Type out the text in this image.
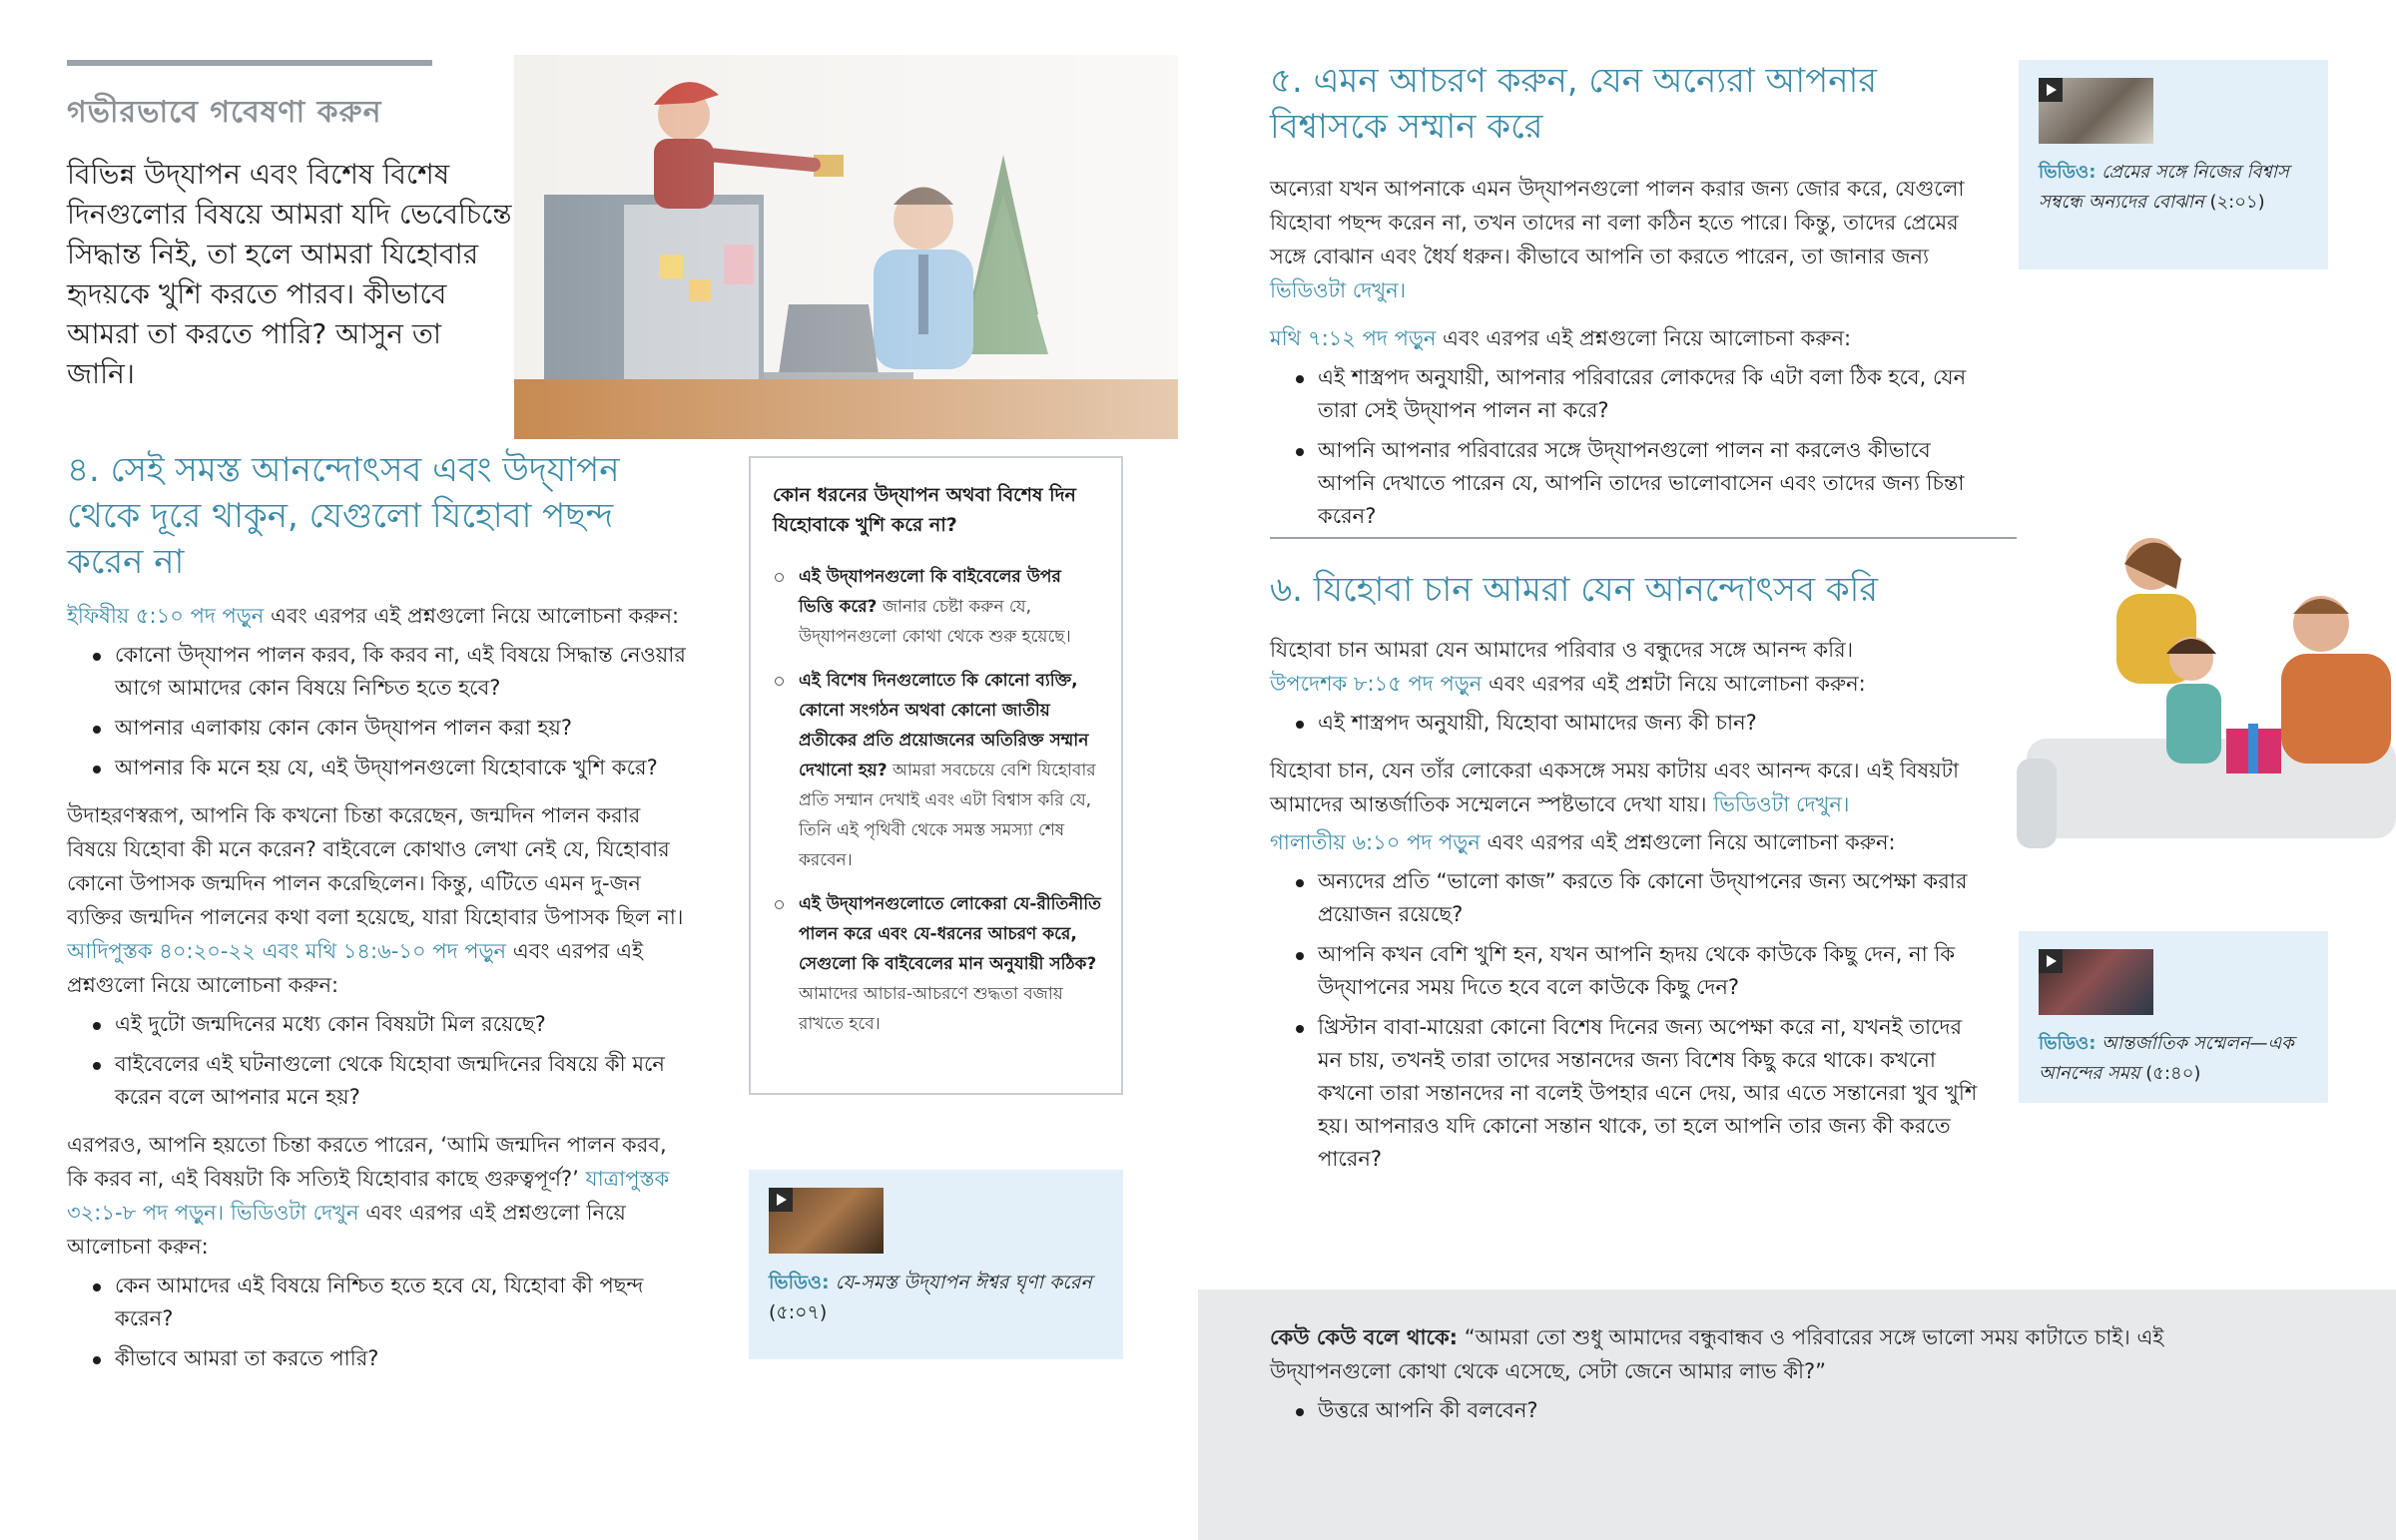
গভীরভাবে গবেষণা করুন
বিভিন্ন উদ্‌যাপন এবং বিশেষ বিশেষ দিনগুলোর বিষয়ে আমরা যদি ভেবেচিন্তে সিদ্ধান্ত নিই, তা হলে আমরা যিহোবার হৃদয়কে খুশি করতে পারব। কীভাবে আমরা তা করতে পারি? আসুন তা জানি।
৪. সেই সমস্ত আনন্দোৎসব এবং উদ্‌যাপন থেকে দূরে থাকুন, যেগুলো যিহোবা পছন্দ করেন না
ইফিষীয় ৫:১০ পদ পড়ুন এবং এরপর এই প্রশ্নগুলো নিয়ে আলোচনা করুন:
কোনো উদ্‌যাপন পালন করব, কি করব না, এই বিষয়ে সিদ্ধান্ত নেওয়ার আগে আমাদের কোন বিষয়ে নিশ্চিত হতে হবে?
আপনার এলাকায় কোন কোন উদ্‌যাপন পালন করা হয়?
আপনার কি মনে হয় যে, এই উদ্‌যাপনগুলো যিহোবাকে খুশি করে?
উদাহরণস্বরূপ, আপনি কি কখনো চিন্তা করেছেন, জন্মদিন পালন করার বিষয়ে যিহোবা কী মনে করেন? বাইবেলে কোথাও লেখা নেই যে, যিহোবার কোনো উপাসক জন্মদিন পালন করেছিলেন। কিন্তু, এটিতে এমন দু-জন ব্যক্তির জন্মদিন পালনের কথা বলা হয়েছে, যারা যিহোবার উপাসক ছিল না। আদিপুস্তক ৪০:২০-২২ এবং মথি ১৪:৬-১০ পদ পড়ুন এবং এরপর এই প্রশ্নগুলো নিয়ে আলোচনা করুন:
এই দুটো জন্মদিনের মধ্যে কোন বিষয়টা মিল রয়েছে?
বাইবেলের এই ঘটনাগুলো থেকে যিহোবা জন্মদিনের বিষয়ে কী মনে করেন বলে আপনার মনে হয়?
এরপরও, আপনি হয়তো চিন্তা করতে পারেন, ‘আমি জন্মদিন পালন করব, কি করব না, এই বিষয়টা কি সত্যিই যিহোবার কাছে গুরুত্বপূর্ণ?’ যাত্রাপুস্তক ৩২:১-৮ পদ পড়ুন। ভিডিওটা দেখুন এবং এরপর এই প্রশ্নগুলো নিয়ে আলোচনা করুন:
কেন আমাদের এই বিষয়ে নিশ্চিত হতে হবে যে, যিহোবা কী পছন্দ করেন?
কীভাবে আমরা তা করতে পারি?
কোন ধরনের উদ্‌যাপন অথবা বিশেষ দিন যিহোবাকে খুশি করে না?
এই উদ্‌যাপনগুলো কি বাইবেলের উপর ভিত্তি করে? জানার চেষ্টা করুন যে, উদ্‌যাপনগুলো কোথা থেকে শুরু হয়েছে।
এই বিশেষ দিনগুলোতে কি কোনো ব্যক্তি, কোনো সংগঠন অথবা কোনো জাতীয় প্রতীকের প্রতি প্রয়োজনের অতিরিক্ত সম্মান দেখানো হয়? আমরা সবচেয়ে বেশি যিহোবার প্রতি সম্মান দেখাই এবং এটা বিশ্বাস করি যে, তিনি এই পৃথিবী থেকে সমস্ত সমস্যা শেষ করবেন।
এই উদ্‌যাপনগুলোতে লোকেরা যে-রীতিনীতি পালন করে এবং যে-ধরনের আচরণ করে, সেগুলো কি বাইবেলের মান অনুযায়ী সঠিক? আমাদের আচার-আচরণে শুদ্ধতা বজায় রাখতে হবে।
ভিডিও: যে-সমস্ত উদ্‌যাপন ঈশ্বর ঘৃণা করেন (৫:০৭)
৫. এমন আচরণ করুন, যেন অন্যেরা আপনার বিশ্বাসকে সম্মান করে
অন্যেরা যখন আপনাকে এমন উদ্‌যাপনগুলো পালন করার জন্য জোর করে, যেগুলো যিহোবা পছন্দ করেন না, তখন তাদের না বলা কঠিন হতে পারে। কিন্তু, তাদের প্রেমের সঙ্গে বোঝান এবং ধৈর্য ধরুন। কীভাবে আপনি তা করতে পারেন, তা জানার জন্য ভিডিওটা দেখুন।
মথি ৭:১২ পদ পড়ুন এবং এরপর এই প্রশ্নগুলো নিয়ে আলোচনা করুন:
এই শাস্ত্রপদ অনুযায়ী, আপনার পরিবারের লোকদের কি এটা বলা ঠিক হবে, যেন তারা সেই উদ্‌যাপন পালন না করে?
আপনি আপনার পরিবারের সঙ্গে উদ্‌যাপনগুলো পালন না করলেও কীভাবে আপনি দেখাতে পারেন যে, আপনি তাদের ভালোবাসেন এবং তাদের জন্য চিন্তা করেন?
ভিডিও: প্রেমের সঙ্গে নিজের বিশ্বাস সম্বন্ধে অন্যদের বোঝান (২:০১)
৬. যিহোবা চান আমরা যেন আনন্দোৎসব করি
যিহোবা চান আমরা যেন আমাদের পরিবার ও বন্ধুদের সঙ্গে আনন্দ করি।
উপদেশক ৮:১৫ পদ পড়ুন এবং এরপর এই প্রশ্নটা নিয়ে আলোচনা করুন:
এই শাস্ত্রপদ অনুযায়ী, যিহোবা আমাদের জন্য কী চান?
যিহোবা চান, যেন তাঁর লোকেরা একসঙ্গে সময় কাটায় এবং আনন্দ করে। এই বিষয়টা আমাদের আন্তর্জাতিক সম্মেলনে স্পষ্টভাবে দেখা যায়। ভিডিওটা দেখুন।
গালাতীয় ৬:১০ পদ পড়ুন এবং এরপর এই প্রশ্নগুলো নিয়ে আলোচনা করুন:
অন্যদের প্রতি “ভালো কাজ” করতে কি কোনো উদ্‌যাপনের জন্য অপেক্ষা করার প্রয়োজন রয়েছে?
আপনি কখন বেশি খুশি হন, যখন আপনি হৃদয় থেকে কাউকে কিছু দেন, না কি উদ্‌যাপনের সময় দিতে হবে বলে কাউকে কিছু দেন?
খ্রিস্টান বাবা-মায়েরা কোনো বিশেষ দিনের জন্য অপেক্ষা করে না, যখনই তাদের মন চায়, তখনই তারা তাদের সন্তানদের জন্য বিশেষ কিছু করে থাকে। কখনো কখনো তারা সন্তানদের না বলেই উপহার এনে দেয়, আর এতে সন্তানেরা খুব খুশি হয়। আপনারও যদি কোনো সন্তান থাকে, তা হলে আপনি তার জন্য কী করতে পারেন?
ভিডিও: আন্তর্জাতিক সম্মেলন—এক আনন্দের সময় (৫:৪০)
কেউ কেউ বলে থাকে: “আমরা তো শুধু আমাদের বন্ধুবান্ধব ও পরিবারের সঙ্গে ভালো সময় কাটাতে চাই। এই উদ্‌যাপনগুলো কোথা থেকে এসেছে, সেটা জেনে আমার লাভ কী?”
উত্তরে আপনি কী বলবেন?
